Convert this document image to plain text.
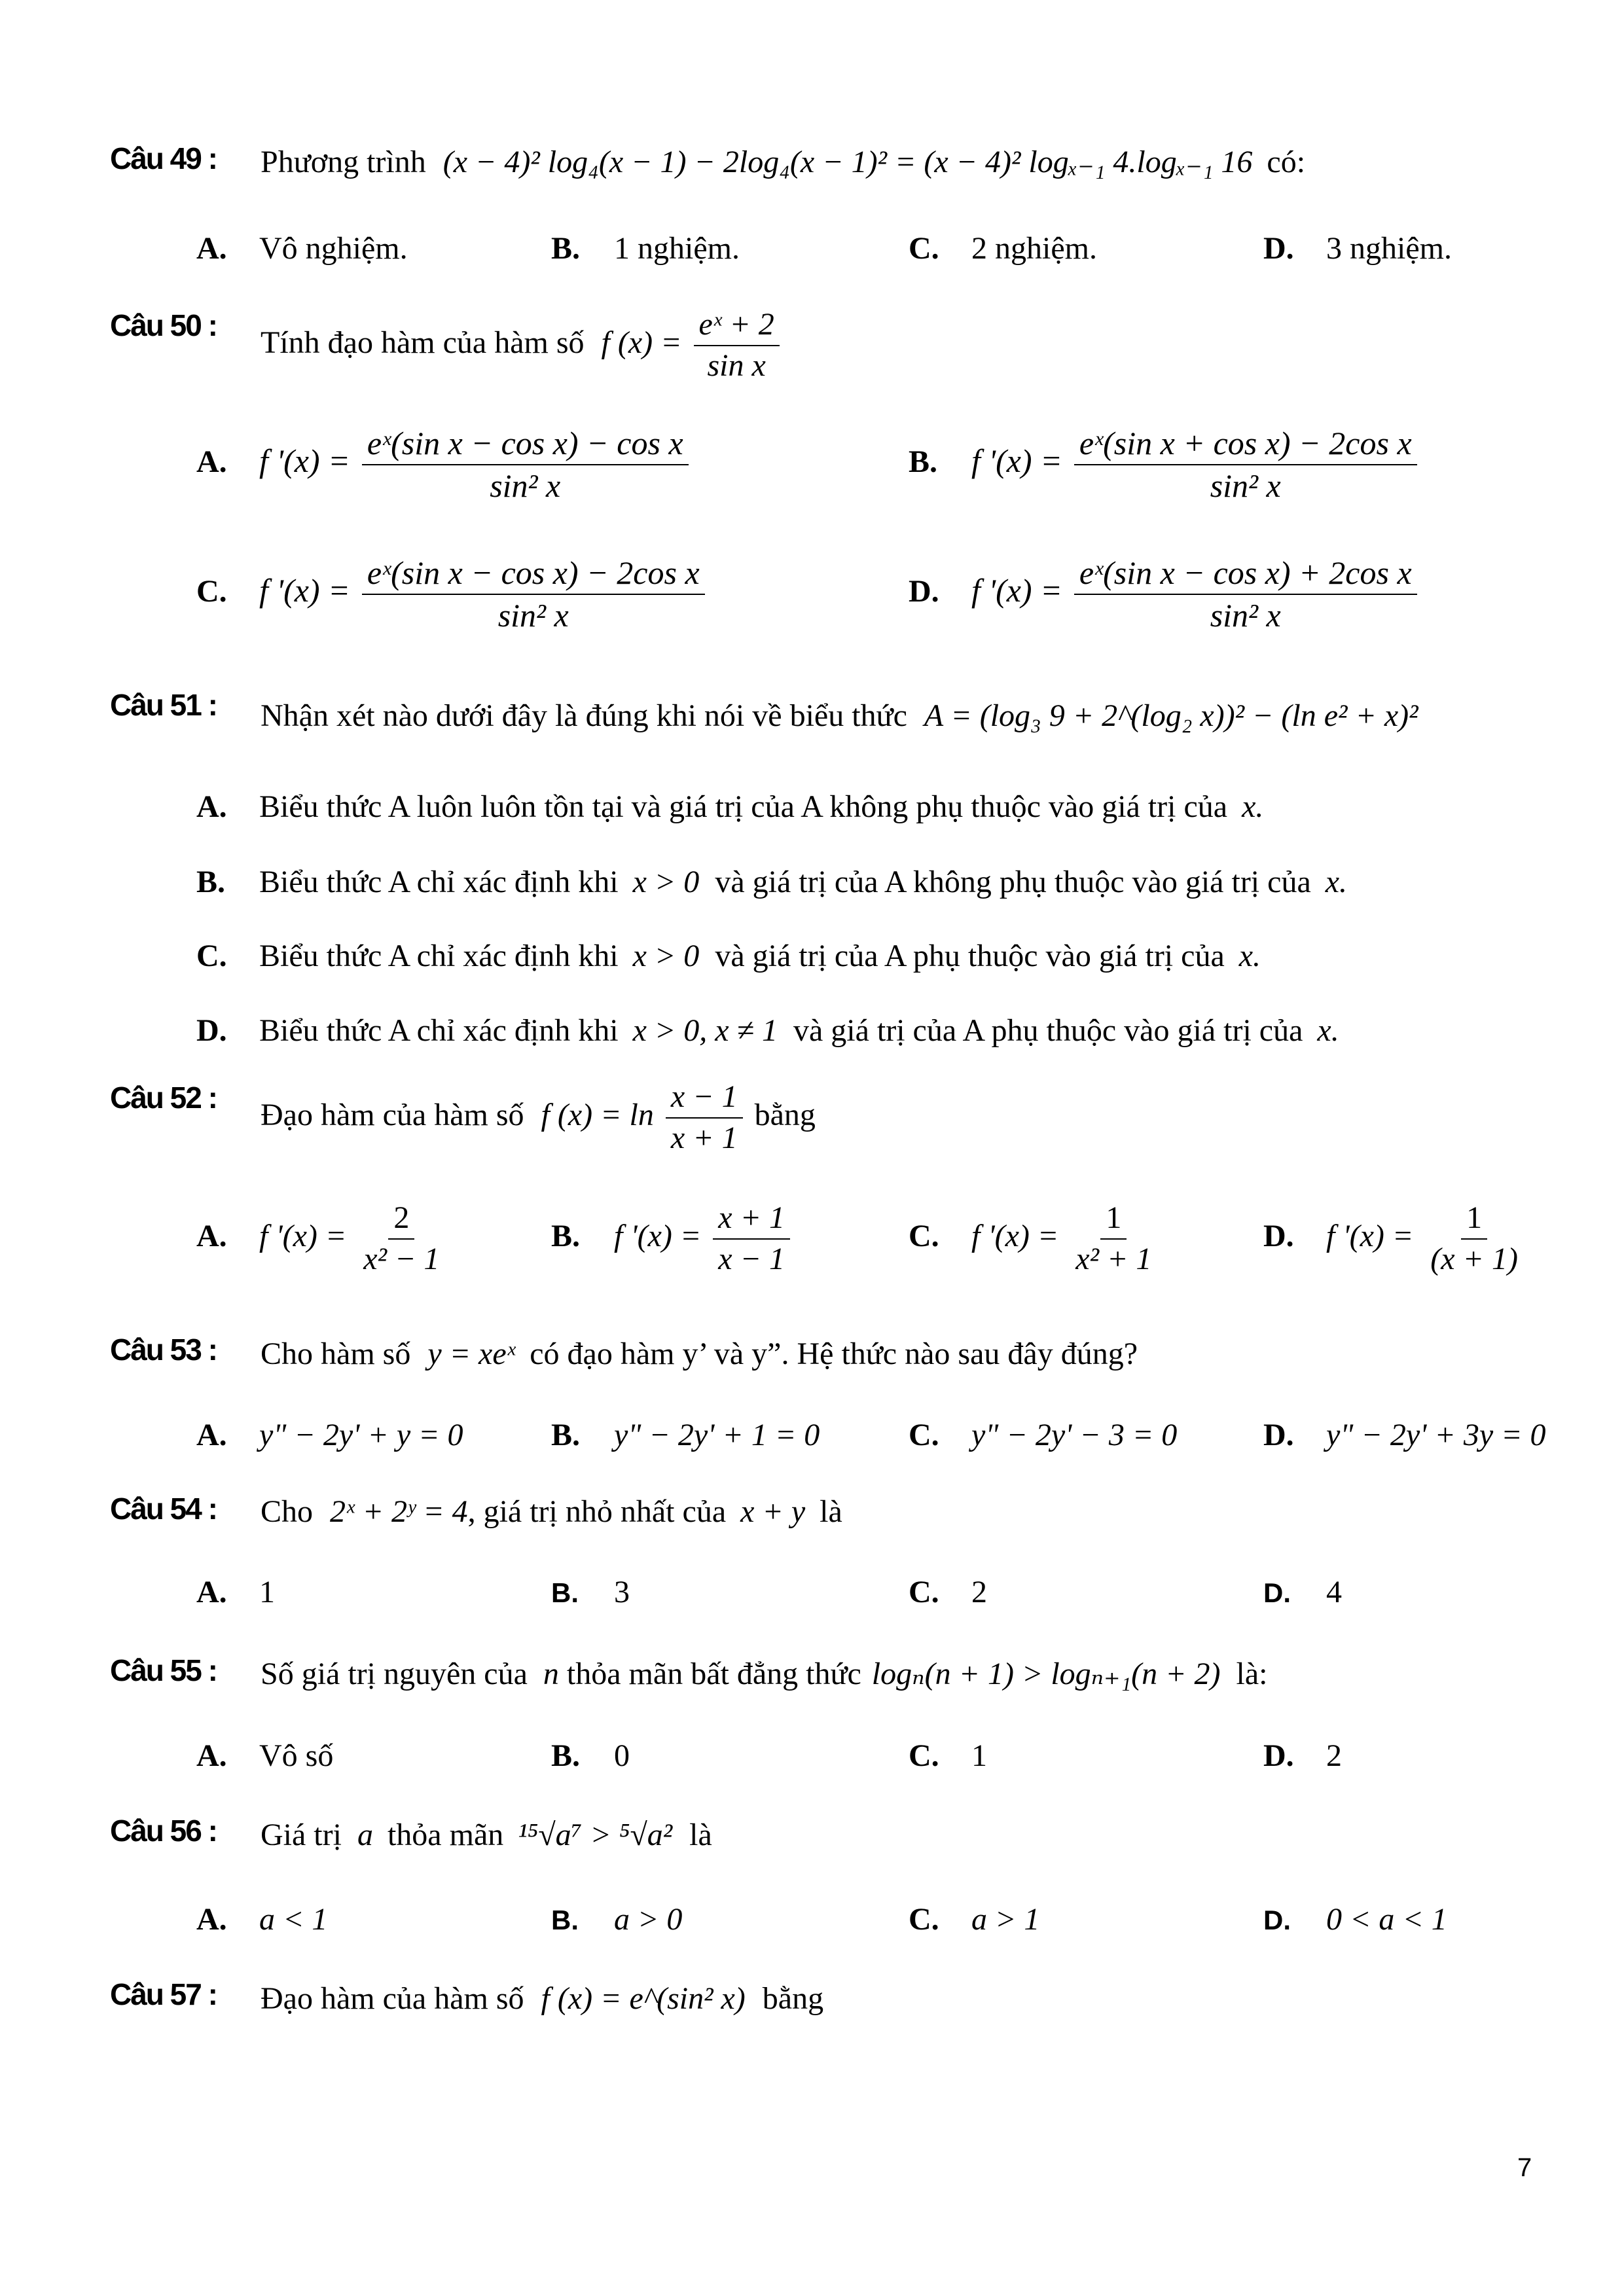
Câu 49 : Phương trình (x − 4)² log₄(x − 1) − 2log₄(x − 1)² = (x − 4)² logₓ₋₁ 4.logₓ₋₁ 16 có:
A. Vô nghiệm.	B. 1 nghiệm.	C. 2 nghiệm.	D. 3 nghiệm.
Câu 50 : Tính đạo hàm của hàm số f $(x) = \frac{\text{eˣ + 2}}{\text{sin x}}$
A. f '$(x) = \frac{\text{eˣ(sin x − cos x) − cos x}}{\text{sin² x}}$	B. f '$(x) = \frac{\text{eˣ(sin x + cos x) − 2cos x}}{\text{sin² x}}$
C. f '$(x) = \frac{\text{eˣ(sin x − cos x) − 2cos x}}{\text{sin² x}}$	D. f '$(x) = \frac{\text{eˣ(sin x − cos x) + 2cos x}}{\text{sin² x}}$
Câu 51 : Nhận xét nào dưới đây là đúng khi nói về biểu thức A = (log₃ 9 + 2^(log₂ x))² − (ln e² + x)²
A. Biểu thức A luôn luôn tồn tại và giá trị của A không phụ thuộc vào giá trị của x.
B. Biểu thức A chỉ xác định khi x > 0 và giá trị của A không phụ thuộc vào giá trị của x.
C. Biểu thức A chỉ xác định khi x > 0 và giá trị của A phụ thuộc vào giá trị của x.
D. Biểu thức A chỉ xác định khi x > 0, x ≠ 1 và giá trị của A phụ thuộc vào giá trị của x.
Câu 52 : Đạo hàm của hàm số f $(x) = \ln \frac{x - 1}{x + 1}$ bằng
A. f '$(x) = \frac{2}{\text{x² − 1}}$	B. f '$(x) = \frac{x + 1}{x - 1}$	C. f '$(x) = \frac{1}{\text{x² + 1}}$	D. f '$(x) = \frac{1}{(x + 1)}$
Câu 53 : Cho hàm số y = xeˣ có đạo hàm y’ và y”. Hệ thức nào sau đây đúng?
A. y" − 2y' + y = 0	B. y" − 2y' + 1 = 0	C. y" − 2y' − 3 = 0	D. y" − 2y' + 3y = 0
Câu 54 : Cho 2ˣ + 2ʸ = 4, giá trị nhỏ nhất của x + y là
A. 1	B. 3	C. 2	D. 4
Câu 55 : Số giá trị nguyên của n thỏa mãn bất đẳng thức logₙ(n + 1) > logₙ₊₁(n + 2) là:
A. Vô số	B. 0	C. 1	D. 2
Câu 56 : Giá trị a thỏa mãn ¹⁵√a⁷ > ⁵√a² là
A. a < 1	B. a > 0	C. a > 1	D. 0 < a < 1
Câu 57 : Đạo hàm của hàm số f (x) = e^(sin² x) bằng
7
